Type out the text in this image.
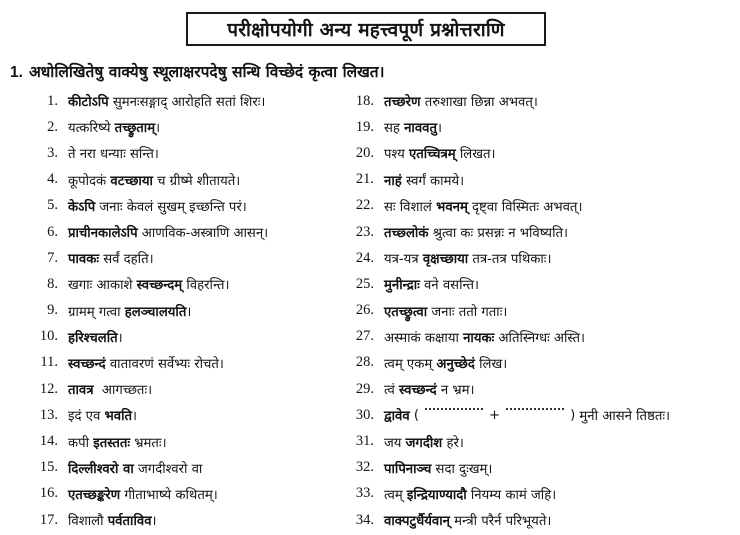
परीक्षोपयोगी अन्य महत्त्वपूर्ण प्रश्नोत्तराणि
1. अधोलिखितेषु वाक्येषु स्थूलाक्षरपदेषु सन्धि विच्छेदं कृत्वा लिखत।
1. कीटोऽपि सुमनःसङ्गाद् आरोहति सतां शिरः।
2. यत्करिष्ये तच्छ्रुताम् ।
3. ते नरा धन्याः सन्ति।
4. कूपोदकं वटच्छाया च ग्रीष्मे शीतायते।
5. केऽपि जनाः केवलं सुखम् इच्छन्ति परं।
6. प्राचीनकालेऽपि आणविक-अस्त्राणि आसन्।
7. पावकः सर्वं दहति।
8. खगाः आकाशे स्वच्छन्दम् विहरन्ति।
9. ग्रामम् गत्वा हलञ्चालयति ।
10. हरिश्चलति ।
11. स्वच्छन्दं वातावरणं सर्वेभ्यः रोचते।
12. तावत्र आगच्छतः।
13. इदं एव भवति ।
14. कपी इतस्ततः भ्रमतः।
15. दिल्लीश्वरो वा जगदीश्वरो वा
16. एतच्छङ्करेण गीताभाष्ये कथितम्।
17. विशालौ पर्वताविव ।
18. तच्छरेण तरुशाखा छिन्ना अभवत्।
19. सह नाववतु ।
20. पश्य एतच्चित्रम् लिखत।
21. नाहं स्वर्गं कामये।
22. सः विशालं भवनम् दृष्ट्वा विस्मितः अभवत्।
23. तच्छ्लोकं श्रुत्वा कः प्रसन्नः न भविष्यति।
24. यत्र-यत्र वृक्षच्छाया तत्र-तत्र पथिकाः।
25. मुनीन्द्राः वने वसन्ति।
26. एतच्छ्रुत्वा जनाः ततो गताः।
27. अस्माकं कक्षाया नायकः अतिस्निग्धः अस्ति।
28. त्वम् एकम् अनुच्छेदं लिख।
29. त्वं स्वच्छन्दं न भ्रम।
30. द्वावेव (	+	) मुनी आसने तिष्ठतः।
31. जय जगदीश हरे।
32. पापिनाञ्च सदा दुःखम्।
33. त्वम् इन्द्रियाण्यादौ नियम्य कामं जहि।
34. वाक्पटुर्धैर्यवान् मन्त्री परैर्न परिभूयते।
